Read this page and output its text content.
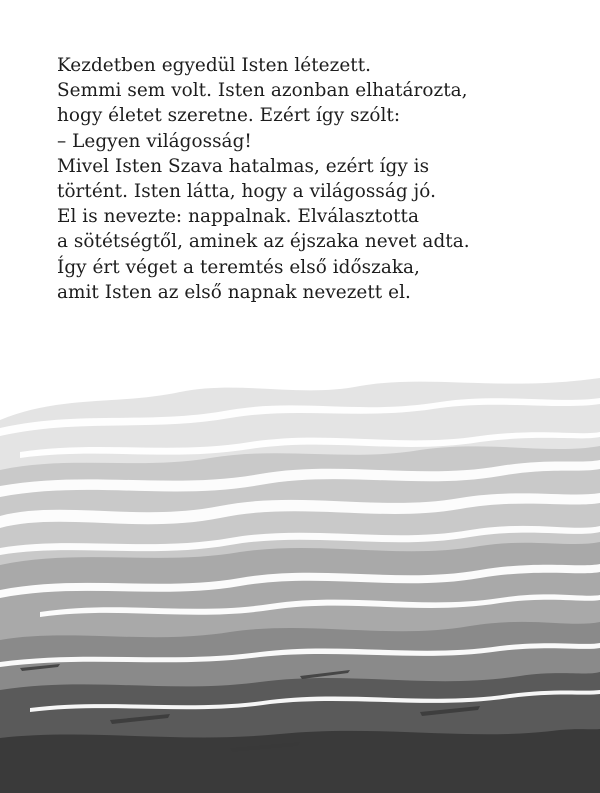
Kezdetben egyedül Isten létezett.
Semmi sem volt. Isten azonban elhatározta,
hogy életet szeretne. Ezért így szólt:
– Legyen világosság!
Mivel Isten Szava hatalmas, ezért így is
történt. Isten látta, hogy a világosság jó.
El is nevezte: nappalnak. Elválasztotta
a sötétségtől, aminek az éjszaka nevet adta.
Így ért véget a teremtés első időszaka,
amit Isten az első napnak nevezett el.
